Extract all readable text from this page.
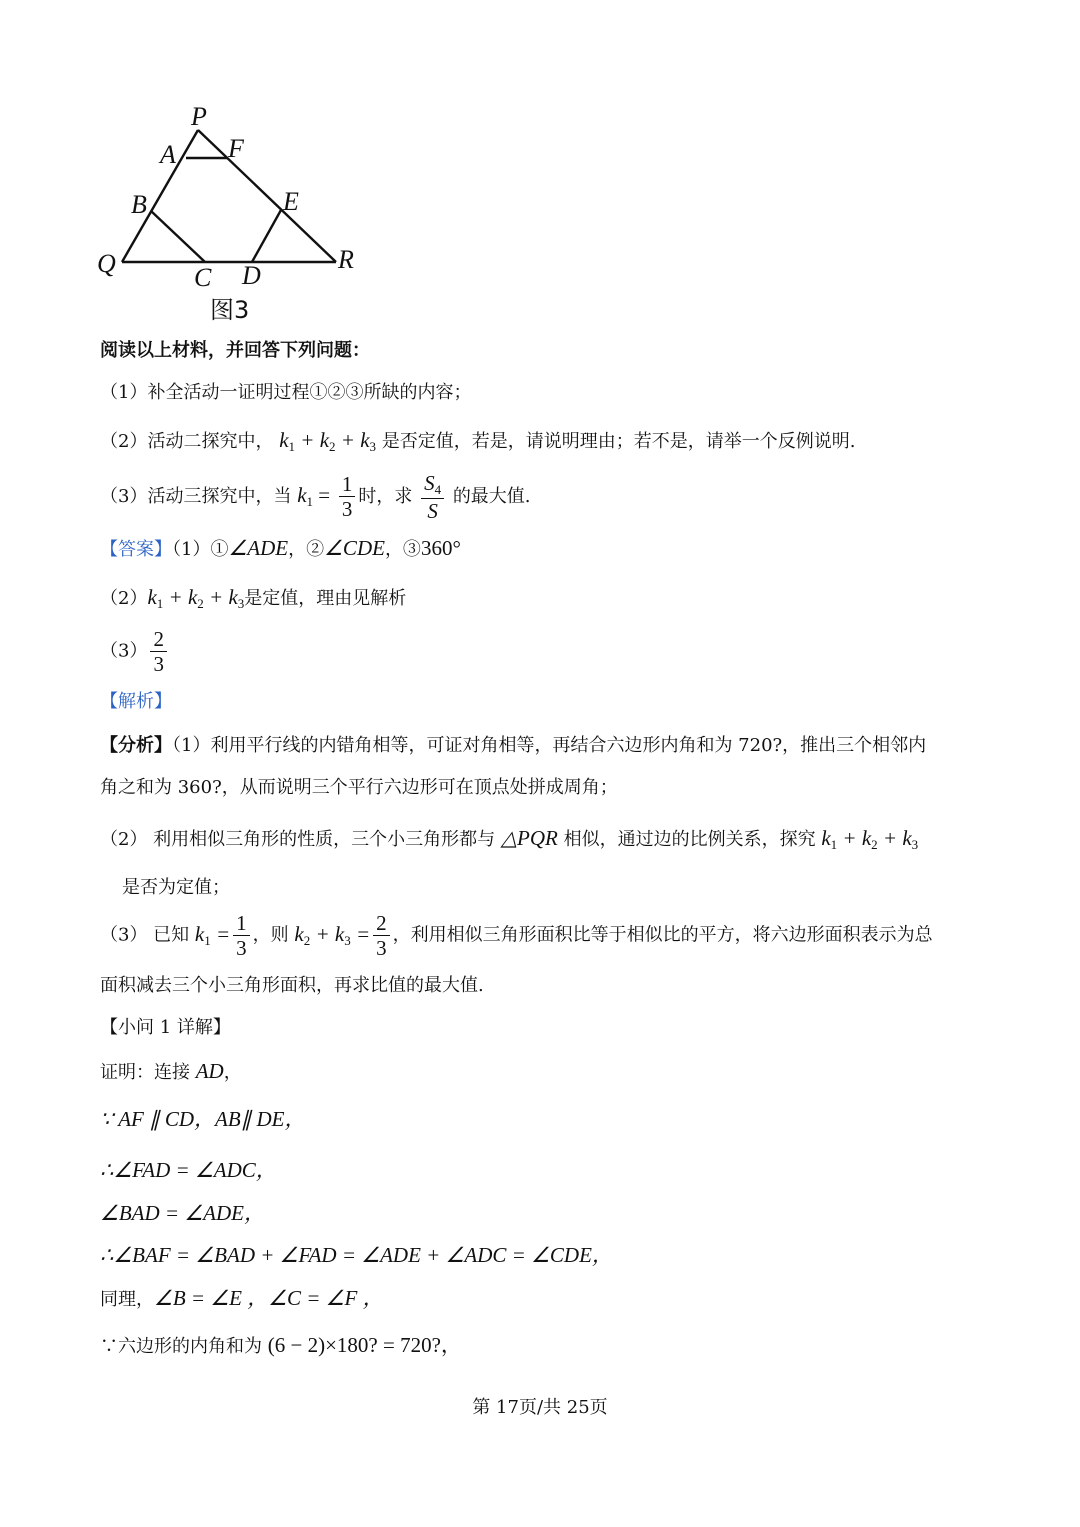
P
A F
B	E
Q	C D
R
图3
阅读以上材料，并回答下列问题：
（1）补全活动一证明过程①②③所缺的内容；
（2）活动二探究中， $k_1 + k_2 + k_3$ 是否定值，若是，请说明理由；若不是，请举一个反例说明.
（3）活动三探究中，当 $k_1 = \frac{1}{3}$ 时，求 $\frac{S_4}{S}$ 的最大值.
【答案】（1）①∠ADE，②∠CDE，③360°
$(2)k_1 + k_2 + k_3$是定值，理由见解析
$(3) \frac{2}{3}$
【解析】
【分析】（1）利用平行线的内错角相等，可证对角相等，再结合六边形内角和为 720?，推出三个相邻内
角之和为 360?，从而说明三个平行六边形可在顶点处拼成周角；
（2） 利用相似三角形的性质，三个小三角形都与 △PQR 相似，通过边的比例关系，探究 $k_1 + k_2 + k_3$
是否为定值；
（3） 已知 $k_1 = \frac{1}{3}$ ，则 $k_2 + k_3 = \frac{2}{3}$ ，利用相似三角形面积比等于相似比的平方，将六边形面积表示为总
面积减去三个小三角形面积，再求比值的最大值.
【小问 1 详解】
证明：连接 AD，
∵ AF ∥ CD，AB∥ DE，
∴∠FAD = ∠ADC，
∠BAD = ∠ADE，
∴∠BAF = ∠BAD + ∠FAD = ∠ADE + ∠ADC = ∠CDE，
同理，∠B = ∠E ，∠C = ∠F ，
∵六边形的内角和为 (6 − 2)×180? = 720?，
第 17页/共 25页
